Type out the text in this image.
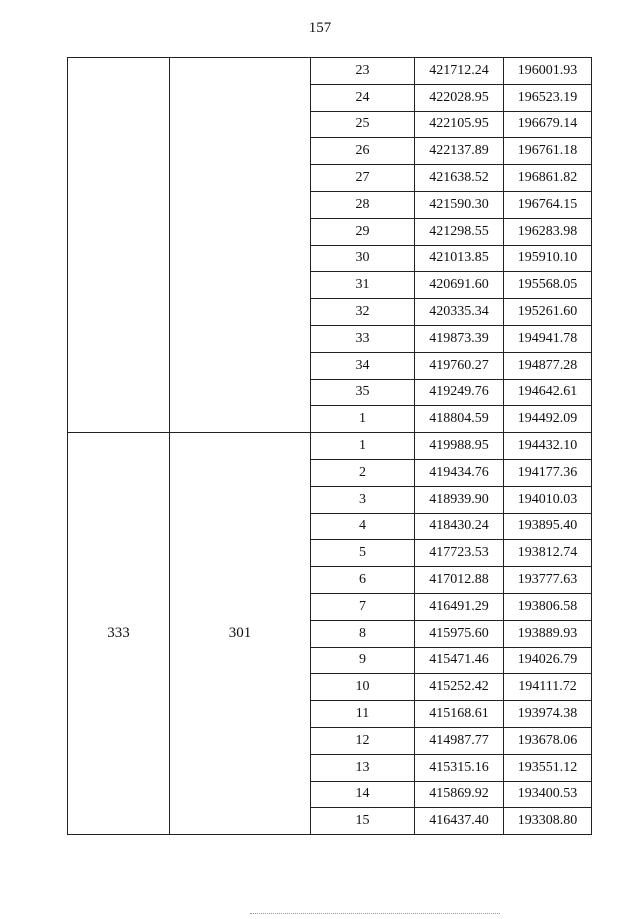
157
		23	421712.24	196001.93
		24	422028.95	196523.19
		25	422105.95	196679.14
		26	422137.89	196761.18
		27	421638.52	196861.82
		28	421590.30	196764.15
		29	421298.55	196283.98
		30	421013.85	195910.10
		31	420691.60	195568.05
		32	420335.34	195261.60
		33	419873.39	194941.78
		34	419760.27	194877.28
		35	419249.76	194642.61
		1	418804.59	194492.09
333	301	1	419988.95	194432.10
		2	419434.76	194177.36
		3	418939.90	194010.03
		4	418430.24	193895.40
		5	417723.53	193812.74
		6	417012.88	193777.63
		7	416491.29	193806.58
		8	415975.60	193889.93
		9	415471.46	194026.79
		10	415252.42	194111.72
		11	415168.61	193974.38
		12	414987.77	193678.06
		13	415315.16	193551.12
		14	415869.92	193400.53
		15	416437.40	193308.80
